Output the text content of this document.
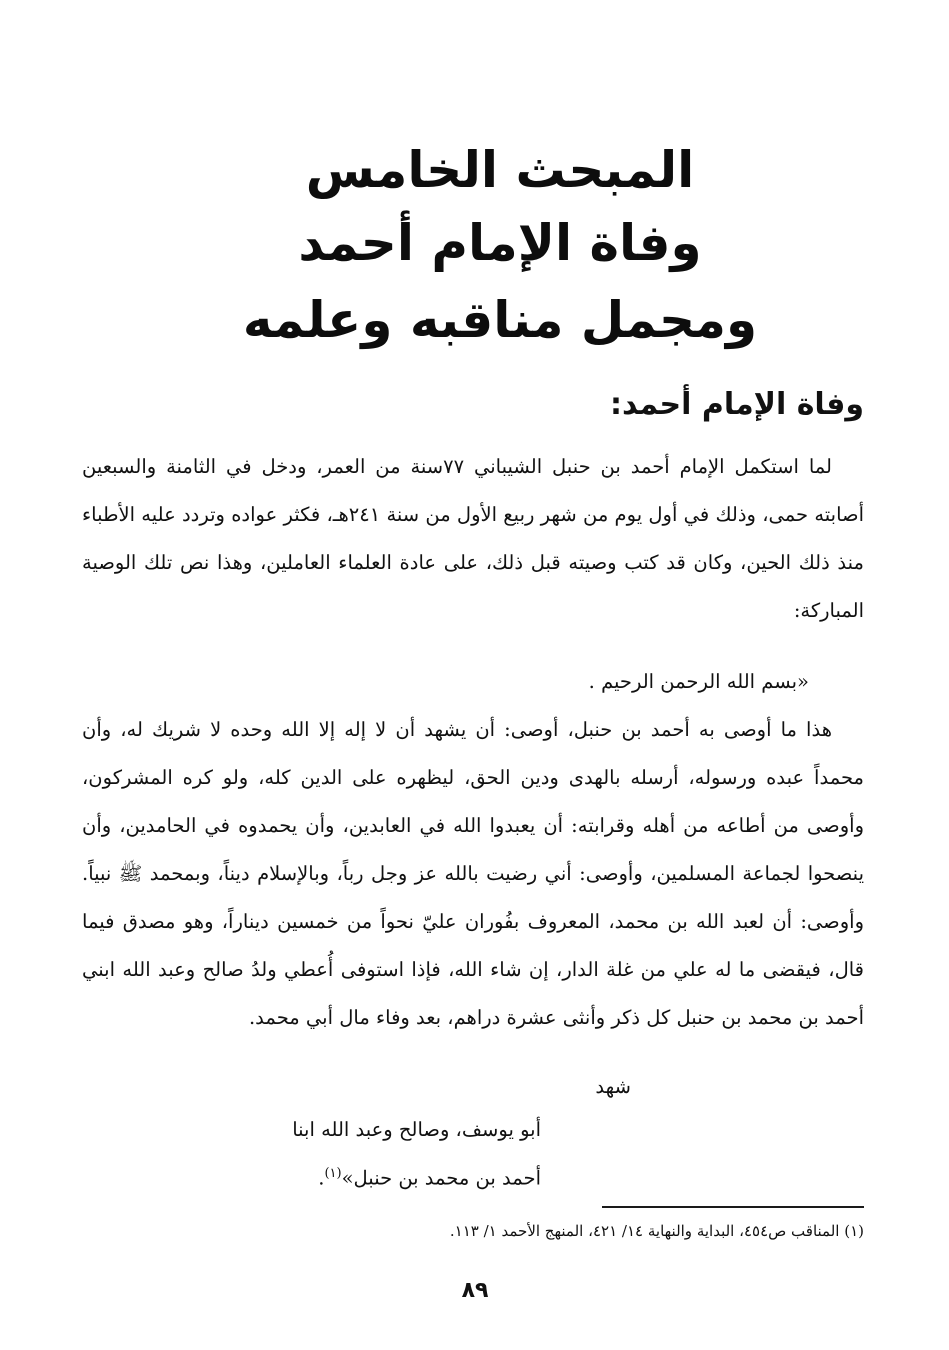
المبحث الخامس
وفاة الإمام أحمد
ومجمل مناقبه وعلمه
وفاة الإمام أحمد:

لما استكمل الإمام أحمد بن حنبل الشيباني ٧٧سنة من العمر، ودخل في الثامنة والسبعين أصابته حمى، وذلك في أول يوم من شهر ربيع الأول من سنة ٢٤١هـ، فكثر عواده وتردد عليه الأطباء منذ ذلك الحين، وكان قد كتب وصيته قبل ذلك، على عادة العلماء العاملين، وهذا نص تلك الوصية المباركة:

«بسم الله الرحمن الرحيم .

هذا ما أوصى به أحمد بن حنبل، أوصى: أن يشهد أن لا إله إلا الله وحده لا شريك له، وأن محمداً عبده ورسوله، أرسله بالهدى ودين الحق، ليظهره على الدين كله، ولو كره المشركون، وأوصى من أطاعه من أهله وقرابته: أن يعبدوا الله في العابدين، وأن يحمدوه في الحامدين، وأن ينصحوا لجماعة المسلمين، وأوصى: أني رضيت بالله عز وجل رباً، وبالإسلام ديناً، وبمحمد ﷺ نبياً. وأوصى: أن لعبد الله بن محمد، المعروف بفُوران عليّ نحواً من خمسين ديناراً، وهو مصدق فيما قال، فيقضى ما له علي من غلة الدار، إن شاء الله، فإذا استوفى أُعطي ولدُ صالح وعبد الله ابني أحمد بن محمد بن حنبل كل ذكر وأنثى عشرة دراهم، بعد وفاء مال أبي محمد.

شهد
أبو يوسف، وصالح وعبد الله ابنا
أحمد بن محمد بن حنبل»$^{(١)}$.
(١) المناقب ص٤٥٤، البداية والنهاية ١٤/ ٤٢١، المنهج الأحمد ١/ ١١٣.
٨٩
